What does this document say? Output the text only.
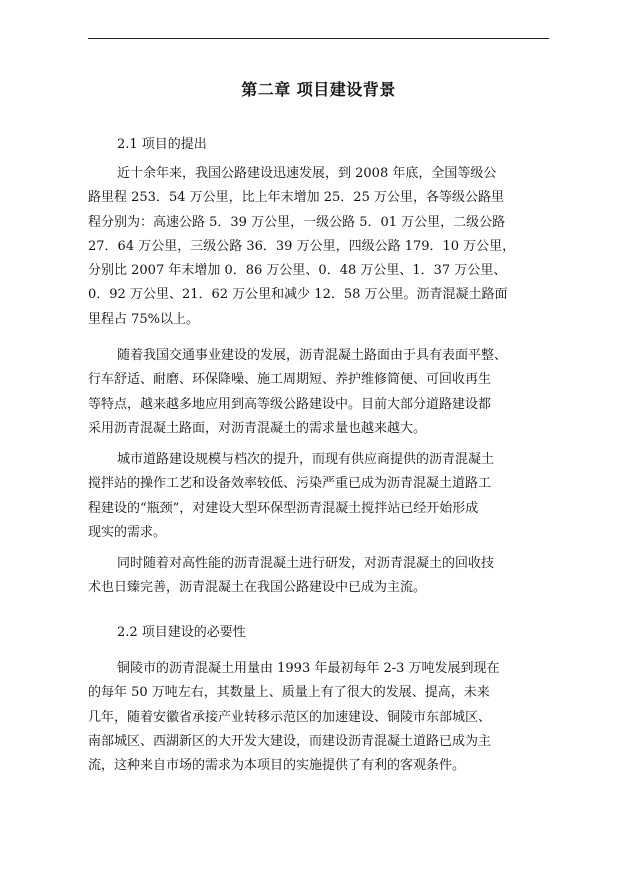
第二章 项目建设背景
2.1 项目的提出
近十余年来，我国公路建设迅速发展，到 2008 年底，全国等级公
路里程 253．54 万公里，比上年末增加 25．25 万公里，各等级公路里
程分别为：高速公路 5．39 万公里，一级公路 5．01 万公里，二级公路
27．64 万公里，三级公路 36．39 万公里，四级公路 179．10 万公里，
分别比 2007 年末增加 0．86 万公里、0．48 万公里、1．37 万公里、
0．92 万公里、21．62 万公里和减少 12．58 万公里。沥青混凝土路面
里程占 75%以上。
随着我国交通事业建设的发展，沥青混凝土路面由于具有表面平整、
行车舒适、耐磨、环保降噪、施工周期短、养护维修简便、可回收再生
等特点，越来越多地应用到高等级公路建设中。目前大部分道路建设都
采用沥青混凝土路面，对沥青混凝土的需求量也越来越大。
城市道路建设规模与档次的提升，而现有供应商提供的沥青混凝土
搅拌站的操作工艺和设备效率较低、污染严重已成为沥青混凝土道路工
程建设的“瓶颈”，对建设大型环保型沥青混凝土搅拌站已经开始形成
现实的需求。
同时随着对高性能的沥青混凝土进行研发，对沥青混凝土的回收技
术也日臻完善，沥青混凝土在我国公路建设中已成为主流。
2.2 项目建设的必要性
铜陵市的沥青混凝土用量由 1993 年最初每年 2-3 万吨发展到现在
的每年 50 万吨左右，其数量上、质量上有了很大的发展、提高，未来
几年，随着安徽省承接产业转移示范区的加速建设、铜陵市东部城区、
南部城区、西湖新区的大开发大建设，而建设沥青混凝土道路已成为主
流，这种来自市场的需求为本项目的实施提供了有利的客观条件。
